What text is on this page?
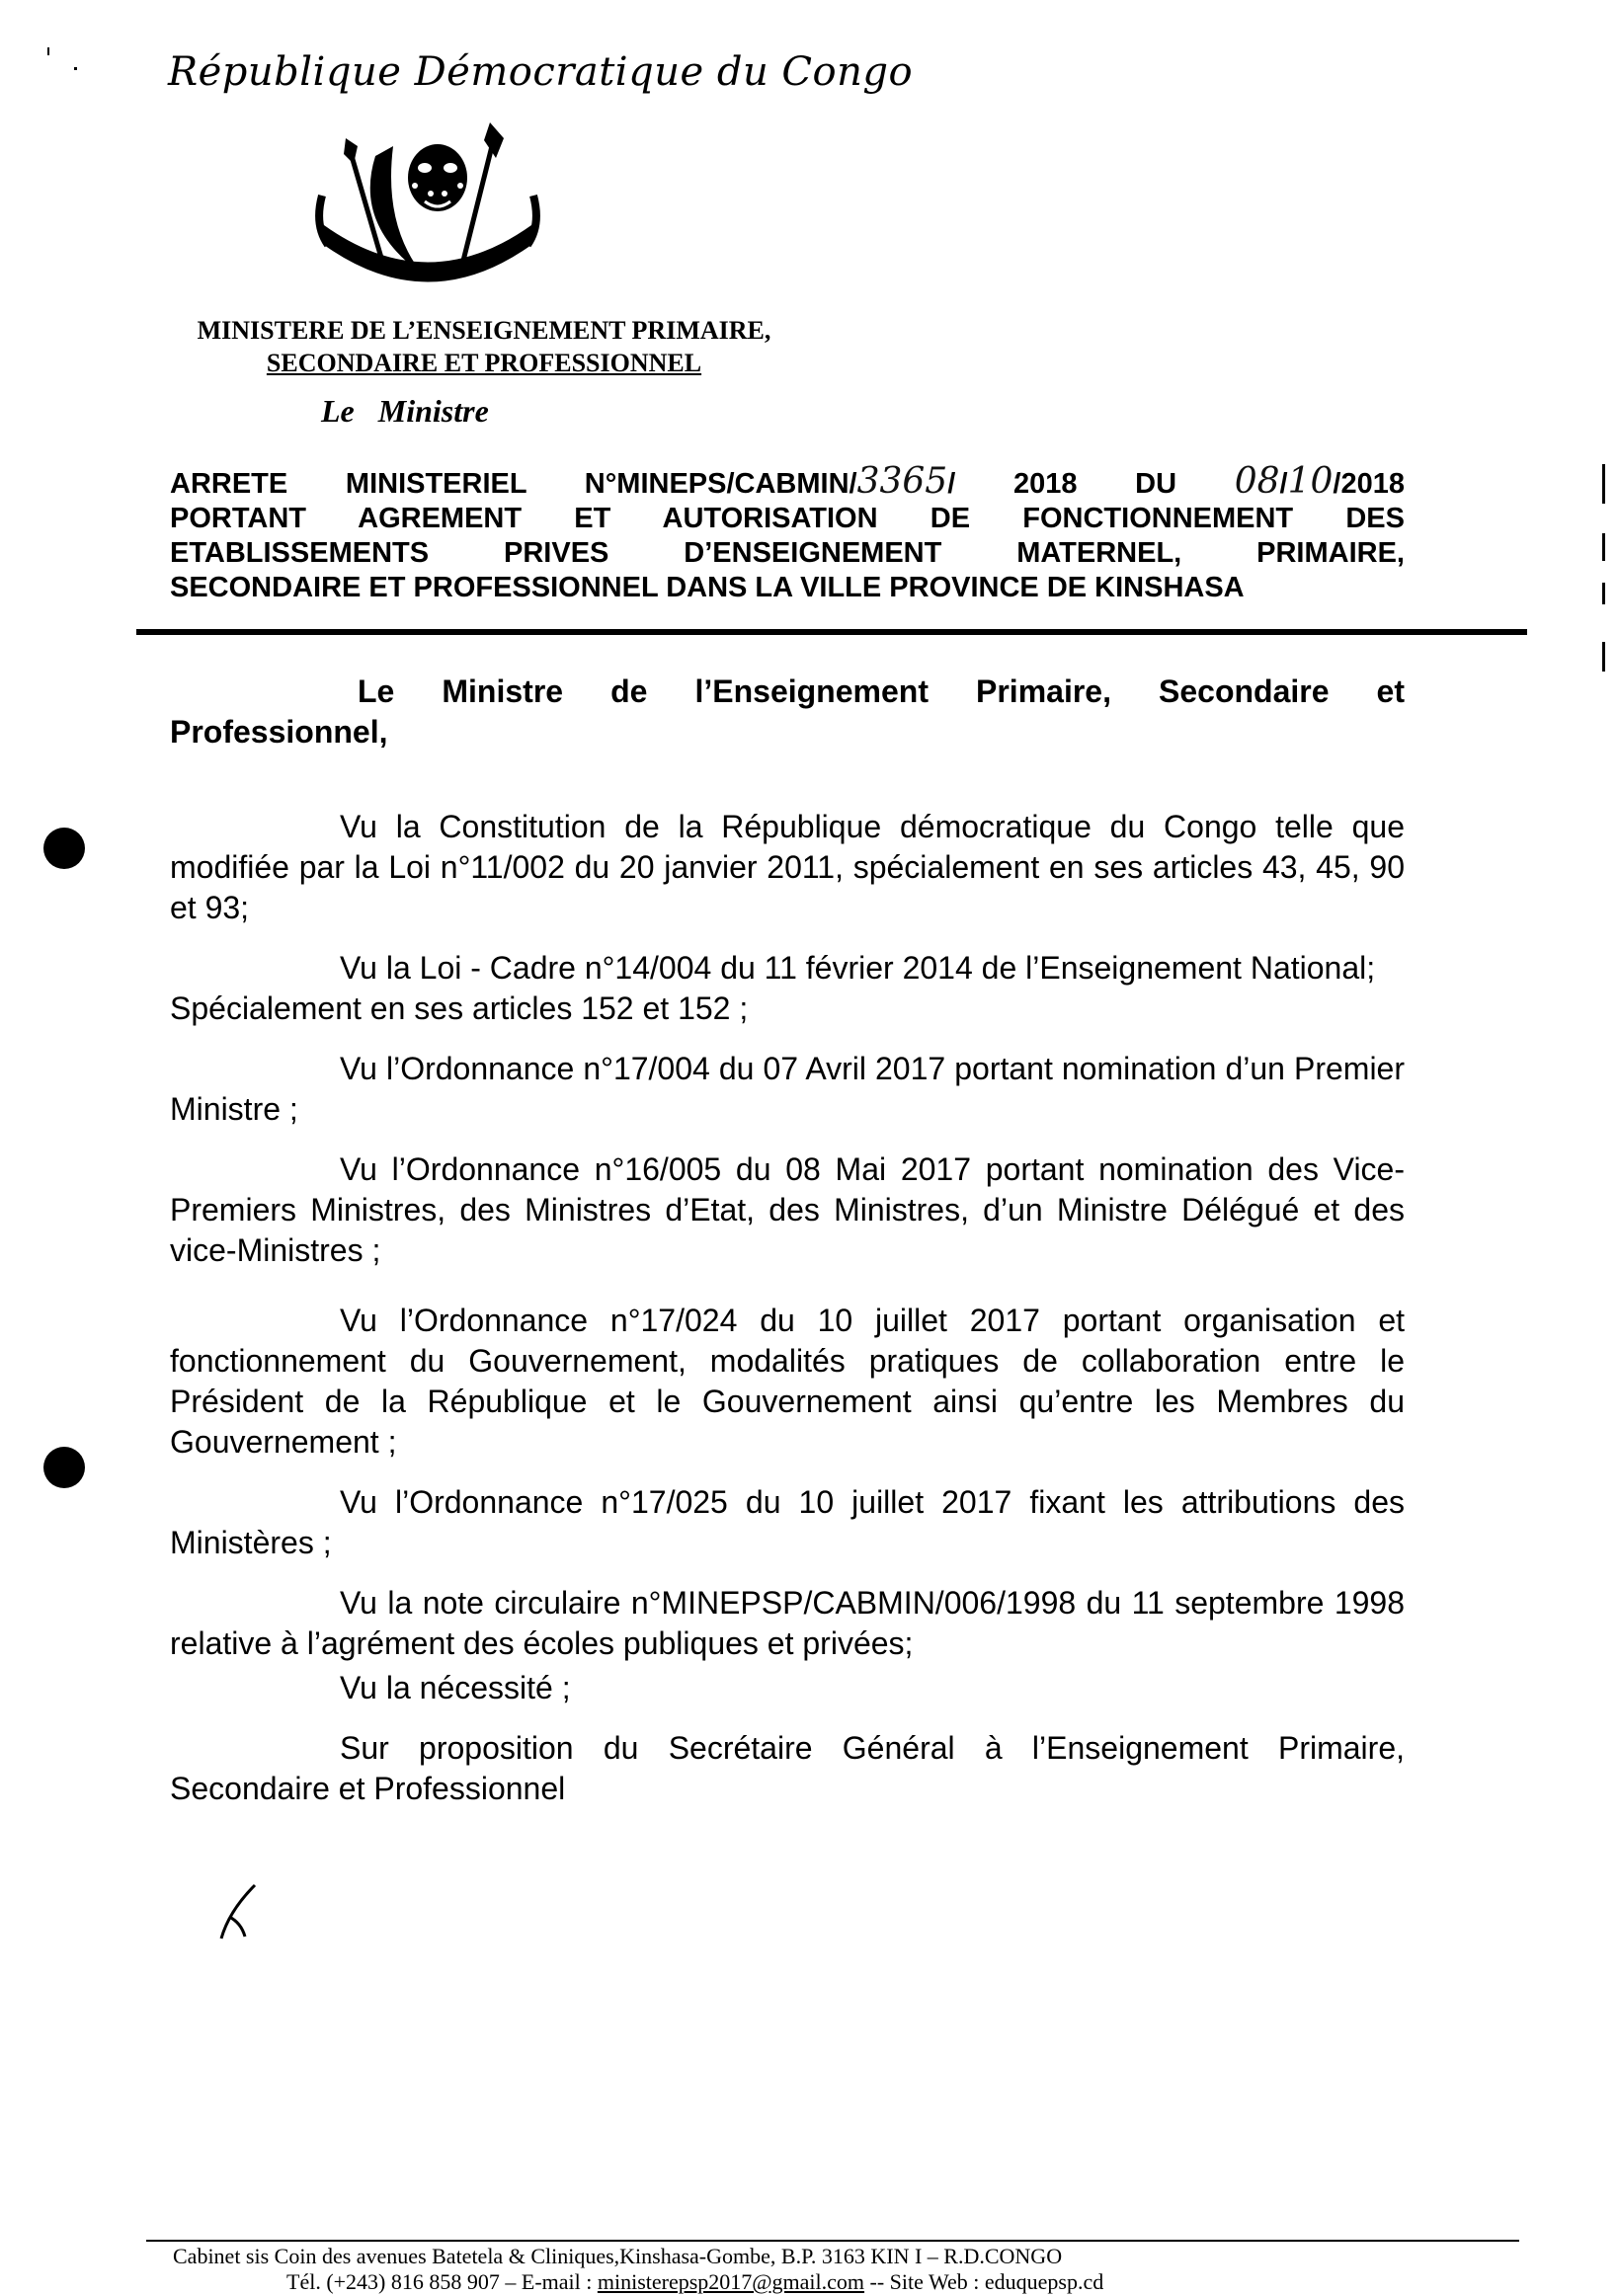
République Démocratique du Congo
MINISTERE DE L’ENSEIGNEMENT PRIMAIRE,
SECONDAIRE ET PROFESSIONNEL
Le Ministre
ARRETE MINISTERIEL N°MINEPS/CABMIN/3365/ 2018 DU 08/10/2018
PORTANT AGREMENT ET AUTORISATION DE FONCTIONNEMENT DES
ETABLISSEMENTS PRIVES D’ENSEIGNEMENT MATERNEL, PRIMAIRE,
SECONDAIRE ET PROFESSIONNEL DANS LA VILLE PROVINCE DE KINSHASA
Le Ministre de l’Enseignement Primaire, Secondaire et
Professionnel,

Vu la Constitution de la République démocratique du Congo telle que modifiée par la Loi n°11/002 du 20 janvier 2011, spécialement en ses articles 43, 45, 90 et 93;

Vu la Loi - Cadre n°14/004 du 11 février 2014 de l’Enseignement National;

Spécialement en ses articles 152 et 152 ;

Vu l’Ordonnance n°17/004 du 07 Avril 2017 portant nomination d’un Premier Ministre ;

Vu l’Ordonnance n°16/005 du 08 Mai 2017 portant nomination des Vice-Premiers Ministres, des Ministres d’Etat, des Ministres, d’un Ministre Délégué et des vice-Ministres ;

Vu l’Ordonnance n°17/024 du 10 juillet 2017 portant organisation et fonctionnement du Gouvernement, modalités pratiques de collaboration entre le Président de la République et le Gouvernement ainsi qu’entre les Membres du Gouvernement ;

Vu l’Ordonnance n°17/025 du 10 juillet 2017 fixant les attributions des Ministères ;

Vu la note circulaire n°MINEPSP/CABMIN/006/1998 du 11 septembre 1998 relative à l’agrément des écoles publiques et privées;

Vu la nécessité ;

Sur proposition du Secrétaire Général à l’Enseignement Primaire, Secondaire et Professionnel

Cabinet sis Coin des avenues Batetela & Cliniques,Kinshasa-Gombe, B.P. 3163 KIN I – R.D.CONGO
Tél. (+243) 816 858 907 – E-mail : ministerepsp2017@gmail.com -- Site Web : eduquepsp.cd
